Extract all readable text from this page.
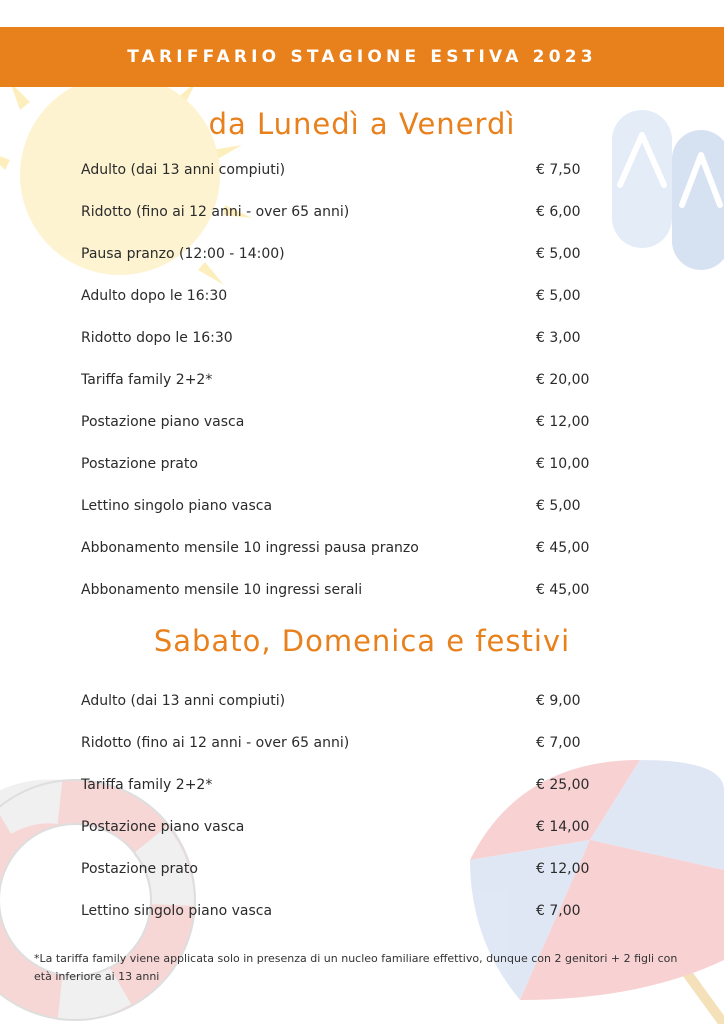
TARIFFARIO STAGIONE ESTIVA 2023
da Lunedì a Venerdì
Adulto (dai 13 anni compiuti)	€ 7,50
Ridotto (fino ai 12 anni - over 65 anni)	€ 6,00
Pausa pranzo (12:00 - 14:00)	€ 5,00
Adulto dopo le 16:30	€ 5,00
Ridotto dopo le 16:30	€ 3,00
Tariffa family 2+2*	€ 20,00
Postazione piano vasca	€ 12,00
Postazione prato	€ 10,00
Lettino singolo piano vasca	€ 5,00
Abbonamento mensile 10 ingressi pausa pranzo	€ 45,00
Abbonamento mensile 10 ingressi serali	€ 45,00
Sabato, Domenica e festivi
Adulto (dai 13 anni compiuti)	€ 9,00
Ridotto (fino ai 12 anni - over 65 anni)	€ 7,00
Tariffa family 2+2*	€ 25,00
Postazione piano vasca	€ 14,00
Postazione prato	€ 12,00
Lettino singolo piano vasca	€ 7,00
*La tariffa family viene applicata solo in presenza di un nucleo familiare effettivo, dunque con 2 genitori + 2 figli con età inferiore ai 13 anni
